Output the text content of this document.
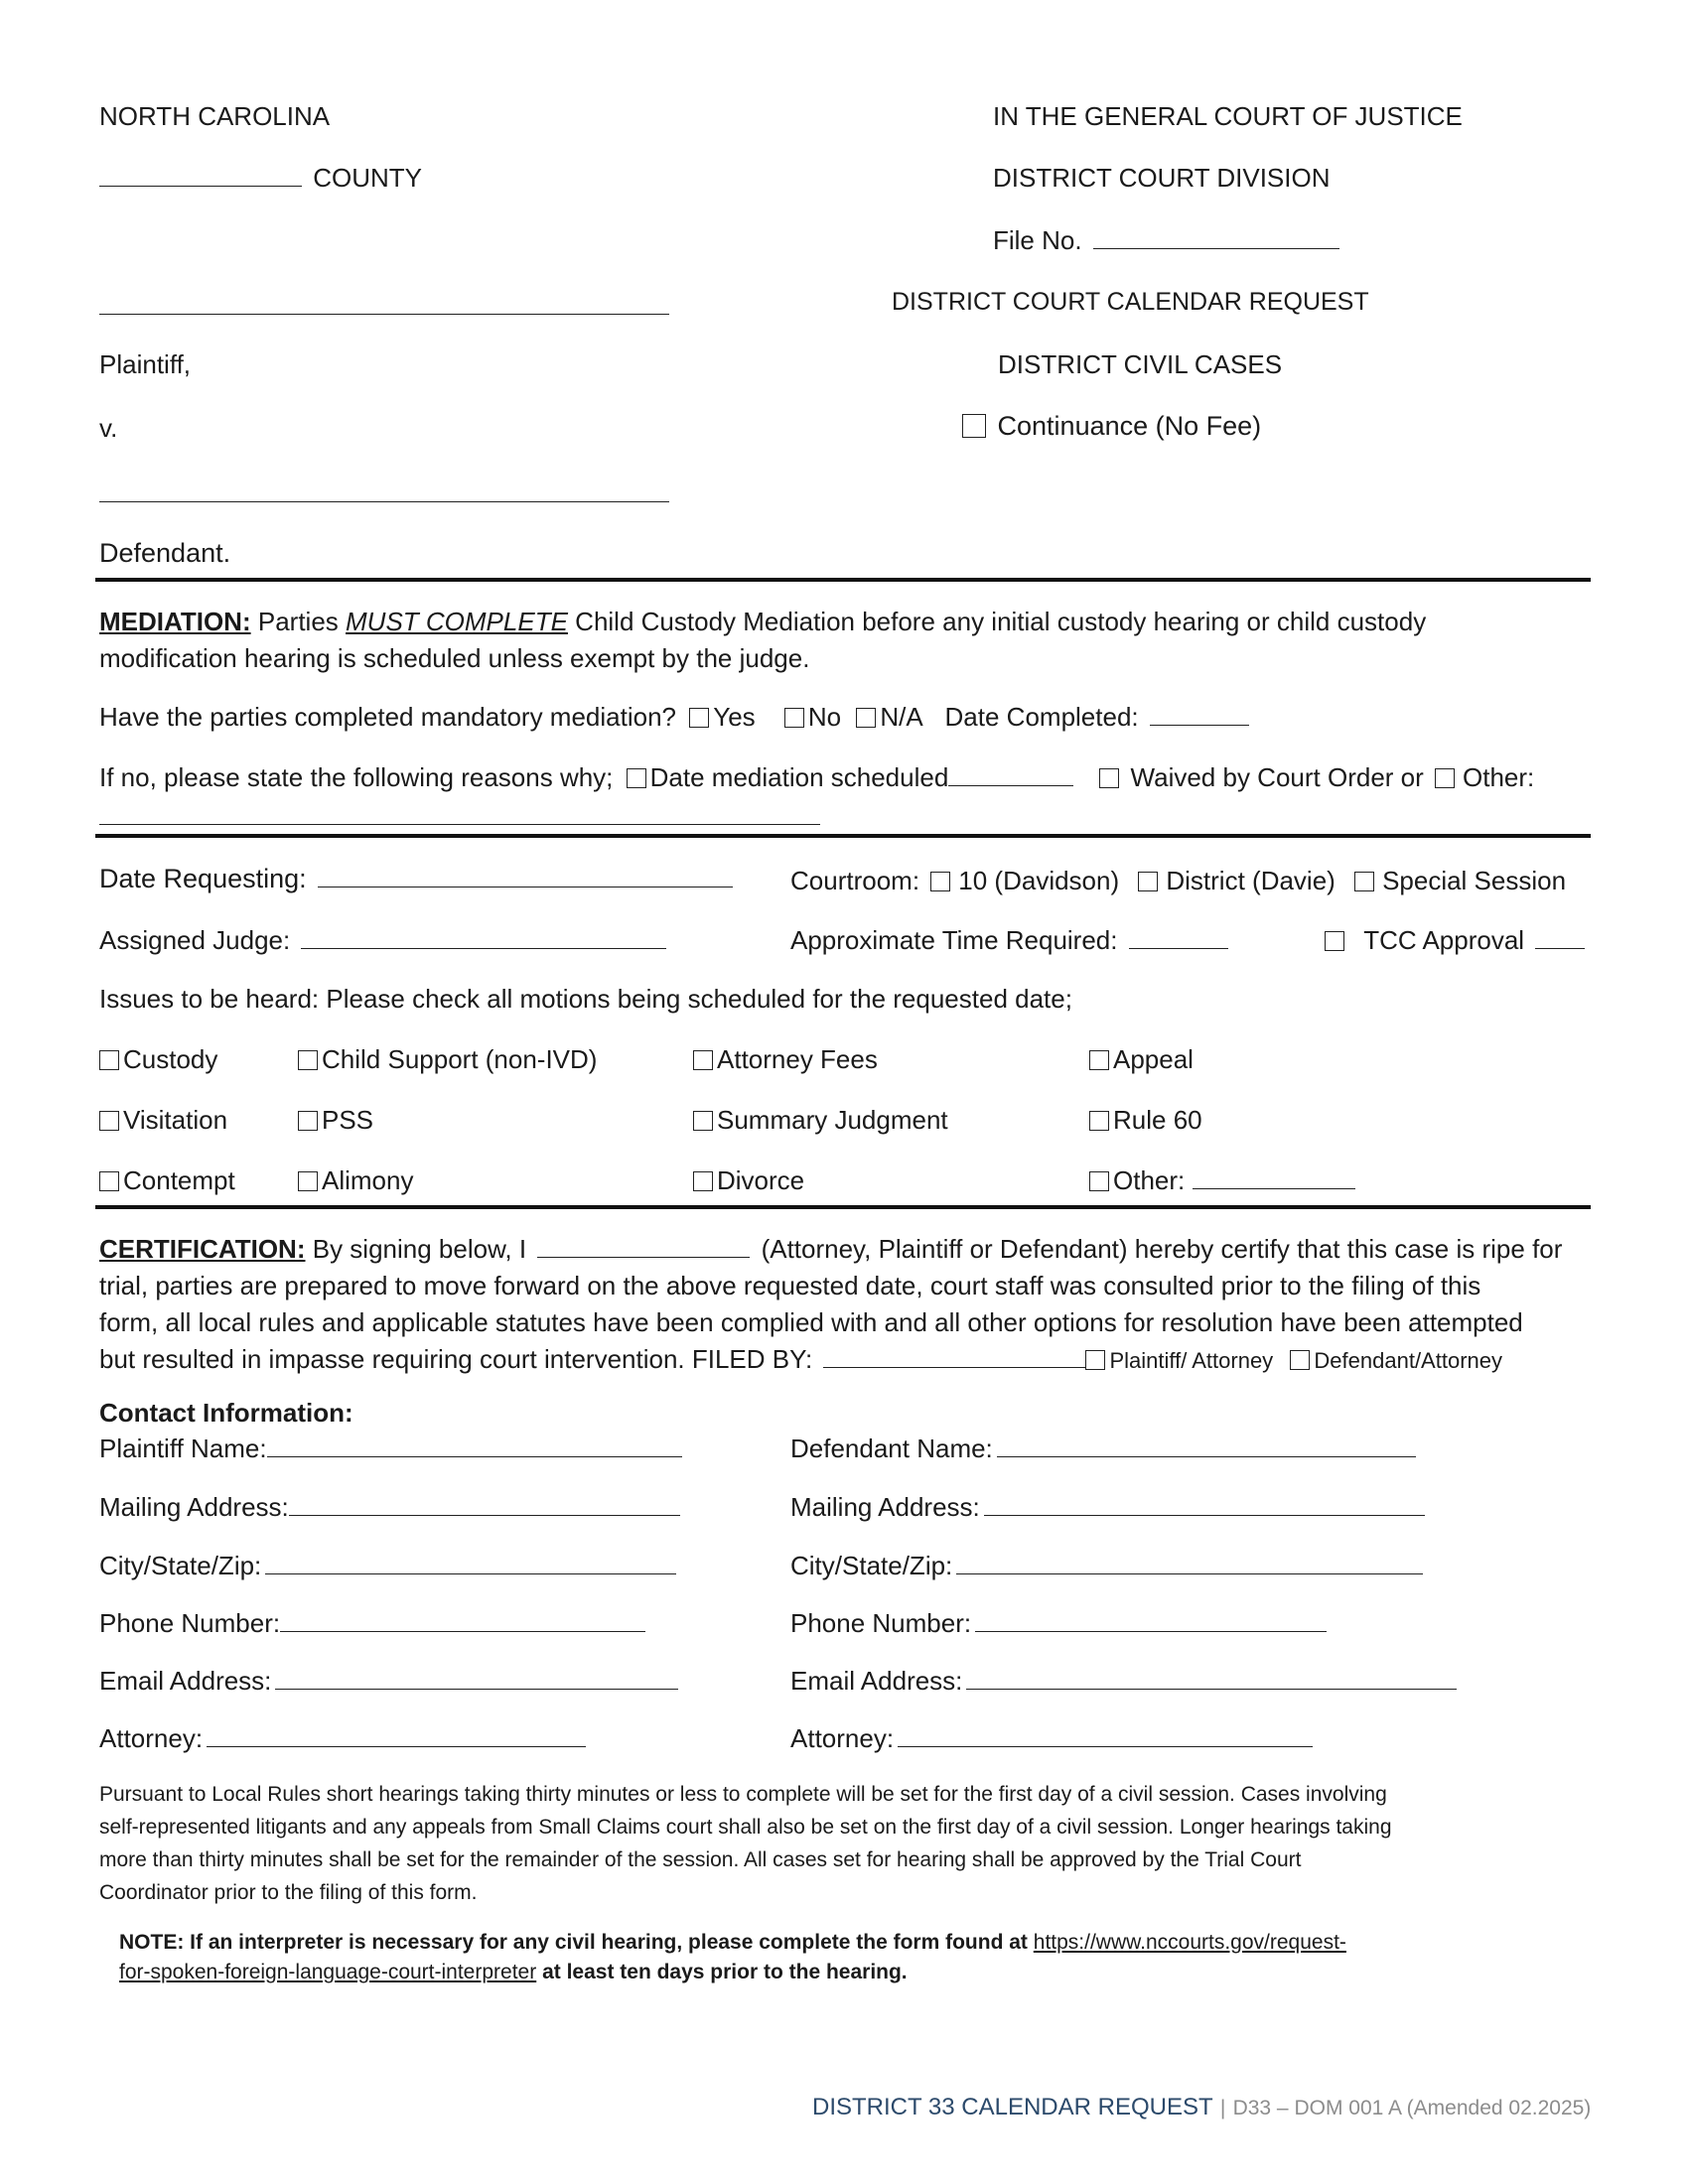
NORTH CAROLINA	IN THE GENERAL COURT OF JUSTICE
COUNTY	DISTRICT COURT DIVISION
File No.
DISTRICT COURT CALENDAR REQUEST
Plaintiff,	DISTRICT CIVIL CASES
v.	Continuance (No Fee)
Defendant.
MEDIATION: Parties MUST COMPLETE Child Custody Mediation before any initial custody hearing or child custody
modification hearing is scheduled unless exempt by the judge.
Have the parties completed mandatory mediation? Yes No N/A Date Completed:
If no, please state the following reasons why; Date mediation scheduled	Waived by Court Order or Other:
Date Requesting:	Courtroom: 10 (Davidson) District (Davie) Special Session
Assigned Judge:	Approximate Time Required:	TCC Approval
Issues to be heard: Please check all motions being scheduled for the requested date;
Custody	Child Support (non-IVD)	Attorney Fees	Appeal
Visitation	PSS	Summary Judgment	Rule 60
Contempt	Alimony	Divorce	Other:
CERTIFICATION: By signing below, I	(Attorney, Plaintiff or Defendant) hereby certify that this case is ripe for
trial, parties are prepared to move forward on the above requested date, court staff was consulted prior to the filing of this
form, all local rules and applicable statutes have been complied with and all other options for resolution have been attempted
but resulted in impasse requiring court intervention. FILED BY:	Plaintiff/ Attorney Defendant/Attorney
Contact Information:
Plaintiff Name:	Defendant Name:
Mailing Address:	Mailing Address:
City/State/Zip:	City/State/Zip:
Phone Number:	Phone Number:
Email Address:	Email Address:
Attorney:	Attorney:
Pursuant to Local Rules short hearings taking thirty minutes or less to complete will be set for the first day of a civil session. Cases involving
self-represented litigants and any appeals from Small Claims court shall also be set on the first day of a civil session. Longer hearings taking
more than thirty minutes shall be set for the remainder of the session. All cases set for hearing shall be approved by the Trial Court
Coordinator prior to the filing of this form.
NOTE: If an interpreter is necessary for any civil hearing, please complete the form found at https://www.nccourts.gov/request-
for-spoken-foreign-language-court-interpreter at least ten days prior to the hearing.
DISTRICT 33 CALENDAR REQUEST | D33 – DOM 001 A (Amended 02.2025)
